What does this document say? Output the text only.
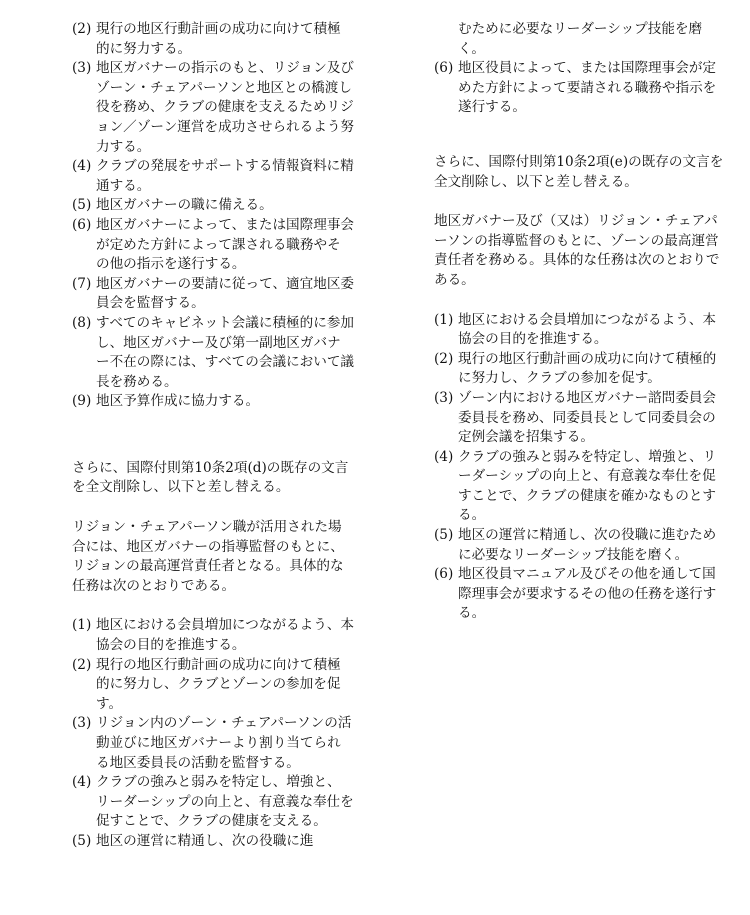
(2) 現行の地区行動計画の成功に向けて積極的に努力する。
(3) 地区ガバナーの指示のもと、リジョン及びゾーン・チェアパーソンと地区との橋渡し役を務め、クラブの健康を支えるためリジョン／ゾーン運営を成功させられるよう努力する。
(4) クラブの発展をサポートする情報資料に精通する。
(5) 地区ガバナーの職に備える。
(6) 地区ガバナーによって、または国際理事会が定めた方針によって課される職務やその他の指示を遂行する。
(7) 地区ガバナーの要請に従って、適宜地区委員会を監督する。
(8) すべてのキャビネット会議に積極的に参加し、地区ガバナー及び第一副地区ガバナー不在の際には、すべての会議において議長を務める。
(9) 地区予算作成に協力する。

さらに、国際付則第10条2項(d)の既存の文言を全文削除し、以下と差し替える。

リジョン・チェアパーソン職が活用された場合には、地区ガバナーの指導監督のもとに、リジョンの最高運営責任者となる。具体的な任務は次のとおりである。

(1) 地区における会員増加につながるよう、本協会の目的を推進する。
(2) 現行の地区行動計画の成功に向けて積極的に努力し、クラブとゾーンの参加を促す。
(3) リジョン内のゾーン・チェアパーソンの活動並びに地区ガバナーより割り当てられる地区委員長の活動を監督する。
(4) クラブの強みと弱みを特定し、増強と、リーダーシップの向上と、有意義な奉仕を促すことで、クラブの健康を支える。
(5) 地区の運営に精通し、次の役職に進
むために必要なリーダーシップ技能を磨く。
(6) 地区役員によって、または国際理事会が定めた方針によって要請される職務や指示を遂行する。

さらに、国際付則第10条2項(e)の既存の文言を全文削除し、以下と差し替える。

地区ガバナー及び（又は）リジョン・チェアパーソンの指導監督のもとに、ゾーンの最高運営責任者を務める。具体的な任務は次のとおりである。

(1) 地区における会員増加につながるよう、本協会の目的を推進する。
(2) 現行の地区行動計画の成功に向けて積極的に努力し、クラブの参加を促す。
(3) ゾーン内における地区ガバナー諮問委員会委員長を務め、同委員長として同委員会の定例会議を招集する。
(4) クラブの強みと弱みを特定し、増強と、リーダーシップの向上と、有意義な奉仕を促すことで、クラブの健康を確かなものとする。
(5) 地区の運営に精通し、次の役職に進むために必要なリーダーシップ技能を磨く。
(6) 地区役員マニュアル及びその他を通して国際理事会が要求するその他の任務を遂行する。
